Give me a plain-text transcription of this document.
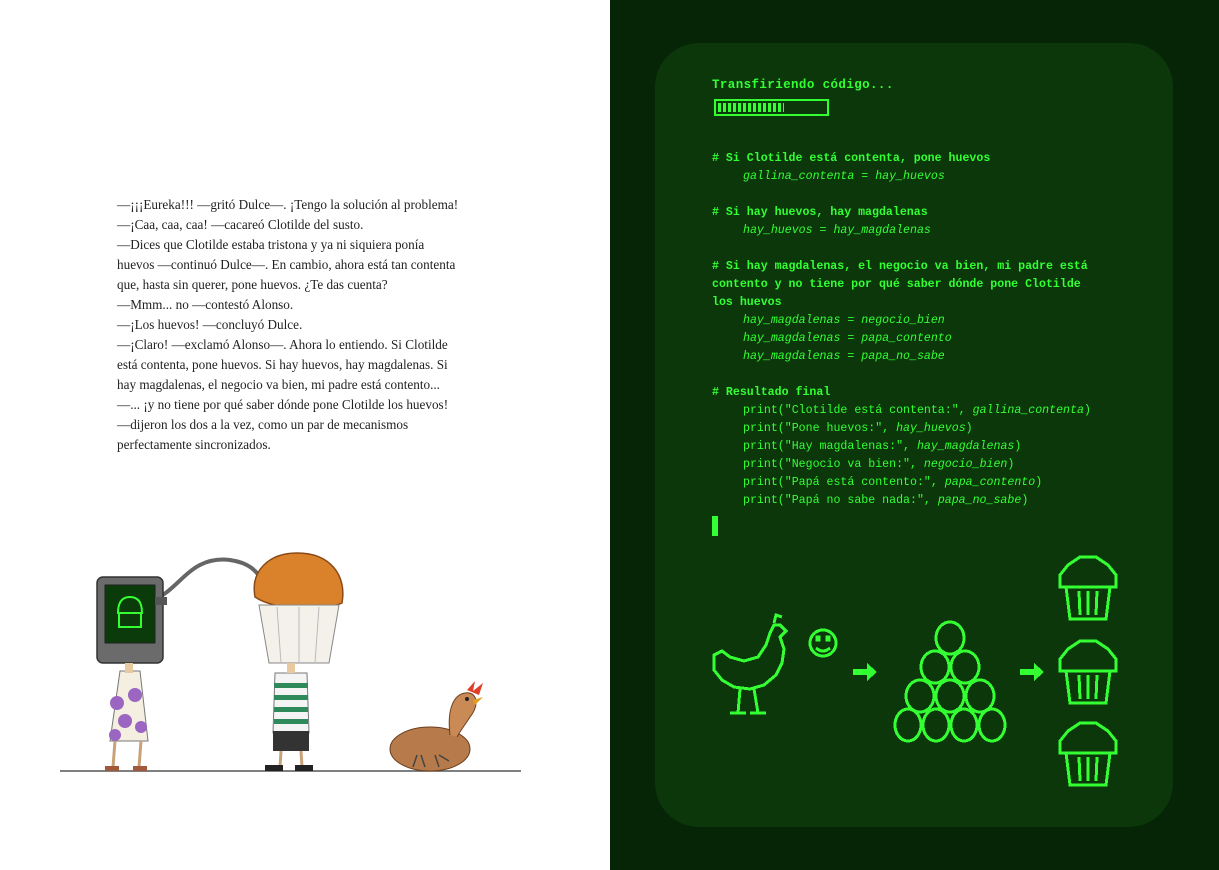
—¡¡¡Eureka!!! —gritó Dulce—. ¡Tengo la solución al problema!
—¡Caa, caa, caa! —cacareó Clotilde del susto.
—Dices que Clotilde estaba tristona y ya ni siquiera ponía
huevos —continuó Dulce—. En cambio, ahora está tan contenta
que, hasta sin querer, pone huevos. ¿Te das cuenta?
—Mmm... no —contestó Alonso.
—¡Los huevos! —concluyó Dulce.
—¡Claro! —exclamó Alonso—. Ahora lo entiendo. Si Clotilde
está contenta, pone huevos. Si hay huevos, hay magdalenas. Si
hay magdalenas, el negocio va bien, mi padre está contento...
—... ¡y no tiene por qué saber dónde pone Clotilde los huevos!
—dijeron los dos a la vez, como un par de mecanismos
perfectamente sincronizados.
Transfiriendo código...
# Si Clotilde está contenta, pone huevos
gallina_contenta = hay_huevos
# Si hay huevos, hay magdalenas
hay_huevos = hay_magdalenas
# Si hay magdalenas, el negocio va bien, mi padre está
contento y no tiene por qué saber dónde pone Clotilde
los huevos
hay_magdalenas = negocio_bien
hay_magdalenas = papa_contento
hay_magdalenas = papa_no_sabe
# Resultado final
print("Clotilde está contenta:", gallina_contenta)
print("Pone huevos:", hay_huevos)
print("Hay magdalenas:", hay_magdalenas)
print("Negocio va bien:", negocio_bien)
print("Papá está contento:", papa_contento)
print("Papá no sabe nada:", papa_no_sabe)
